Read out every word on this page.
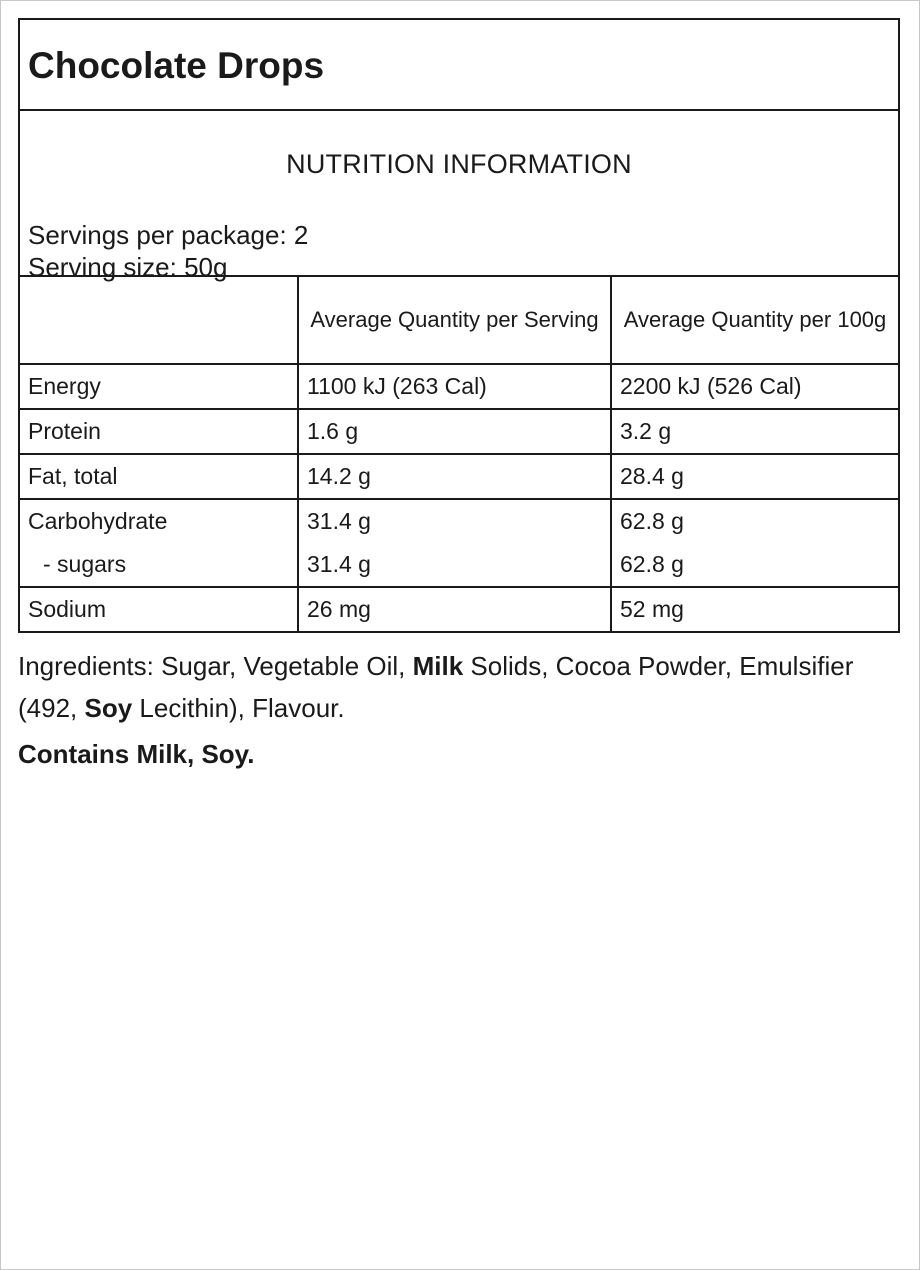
Chocolate Drops
NUTRITION INFORMATION
Servings per package: 2
Serving size: 50g
	Average Quantity per Serving	Average Quantity per 100g
Energy	1100 kJ (263 Cal)	2200 kJ (526 Cal)
Protein	1.6 g	3.2 g
Fat, total	14.2 g	28.4 g
Carbohydrate	31.4 g	62.8 g
- sugars	31.4 g	62.8 g
Sodium	26 mg	52 mg
Ingredients: Sugar, Vegetable Oil, Milk Solids, Cocoa Powder, Emulsifier (492, Soy Lecithin), Flavour.
Contains Milk, Soy.
